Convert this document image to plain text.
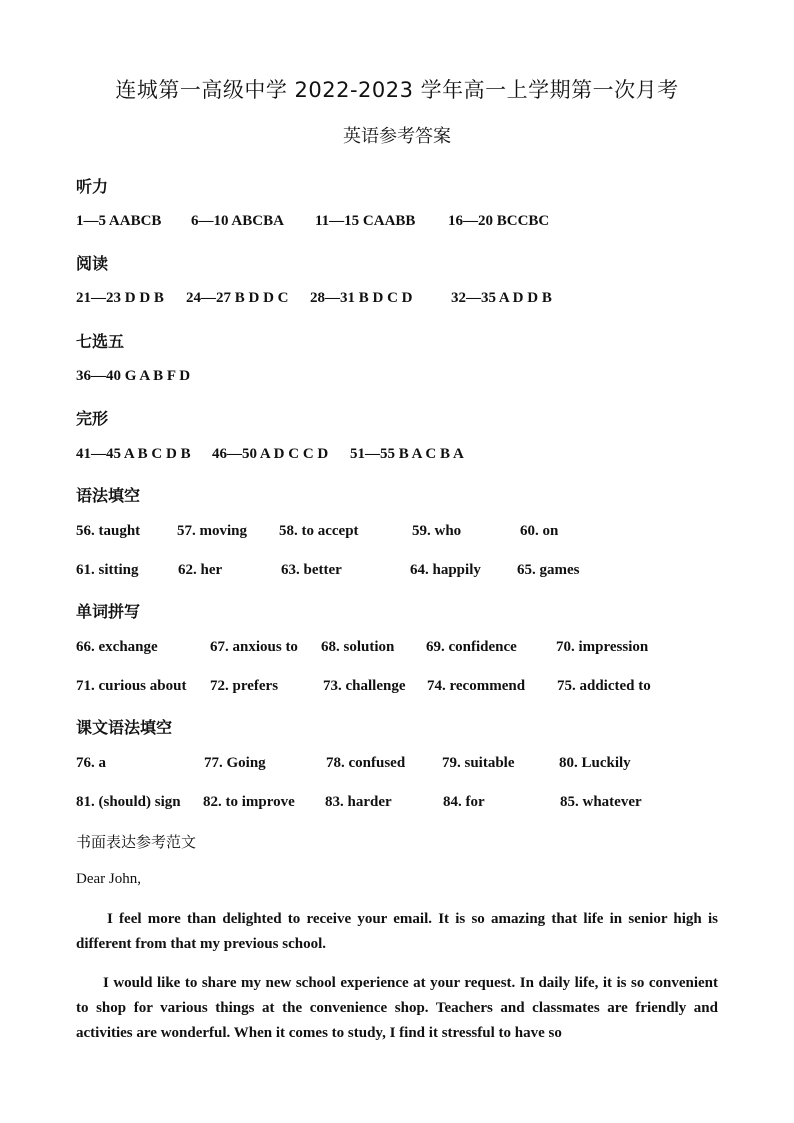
连城第一高级中学 2022-2023 学年高一上学期第一次月考
英语参考答案
听力
1—5 AABCB 6—10 ABCBA 11—15 CAABB 16—20 BCCBC
阅读
21—23 D D B 24—27 B D D C 28—31 B D C D	32—35 A D D B
七选五
36—40 G A B F D
完形
41—45 A B C D B 46—50 A D C C D 51—55 B A C B A
语法填空
56. taught 57. moving 58. to accept	59. who	60. on
61. sitting	62. her	63. better	64. happily 65. games
单词拼写
66. exchange	67. anxious to 68. solution 69. confidence	70. impression
71. curious about 72. prefers	73. challenge 74. recommend 75. addicted to
课文语法填空
76. a	77. Going	78. confused 79. suitable	80. Luckily
81. (should) sign 82. to improve 83. harder	84. for	85. whatever
书面表达参考范文
Dear John,

I feel more than delighted to receive your email. It is so amazing that life in senior high is different from that my previous school.

I would like to share my new school experience at your request. In daily life, it is so convenient to shop for various things at the convenience shop. Teachers and classmates are friendly and activities are wonderful. When it comes to study, I find it stressful to have so
